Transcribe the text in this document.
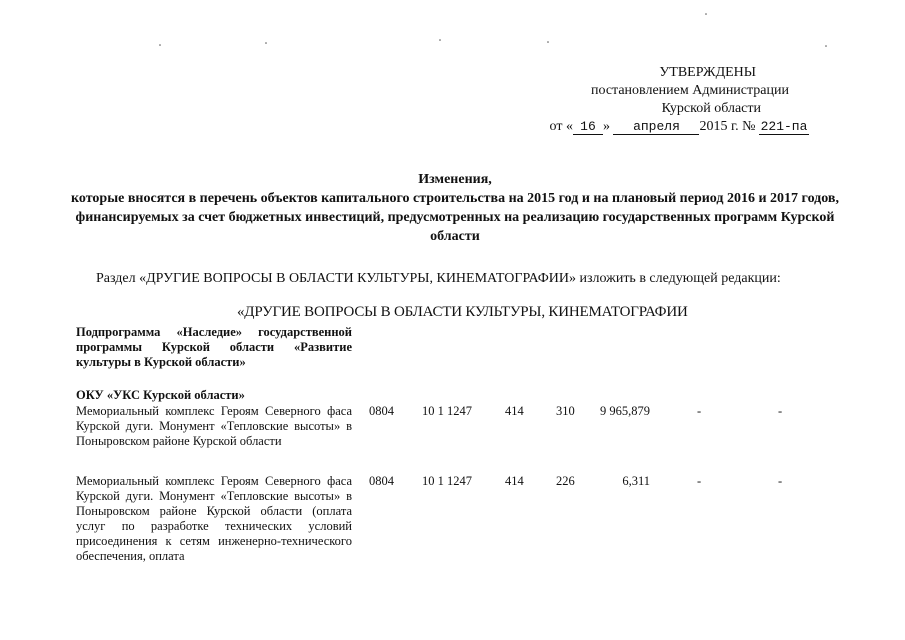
УТВЕРЖДЕНЫ
постановлением Администрации
Курской области
от « 16 » апреля 2015 г. № 221-па
Изменения,
которые вносятся в перечень объектов капитального строительства на 2015 год и на плановый период 2016 и 2017 годов, финансируемых за счет бюджетных инвестиций, предусмотренных на реализацию государственных программ Курской области
Раздел «ДРУГИЕ ВОПРОСЫ В ОБЛАСТИ КУЛЬТУРЫ, КИНЕМАТОГРАФИИ» изложить в следующей редакции:
«ДРУГИЕ ВОПРОСЫ В ОБЛАСТИ КУЛЬТУРЫ, КИНЕМАТОГРАФИИ
Подпрограмма «Наследие» государственной программы Курской области «Развитие культуры в Курской области»
ОКУ «УКС Курской области»
Мемориальный комплекс Героям Северного фаса Курской дуги. Монумент «Тепловские высоты» в Поныровском районе Курской области
0804 10 1 1247	414	310	9 965,879	-	-
Мемориальный комплекс Героям Северного фаса Курской дуги. Монумент «Тепловские высоты» в Поныровском районе Курской области (оплата услуг по разработке технических условий присоединения к сетям инженерно-технического обеспечения, оплата
0804 10 1 1247	414	226	6,311	-	-
